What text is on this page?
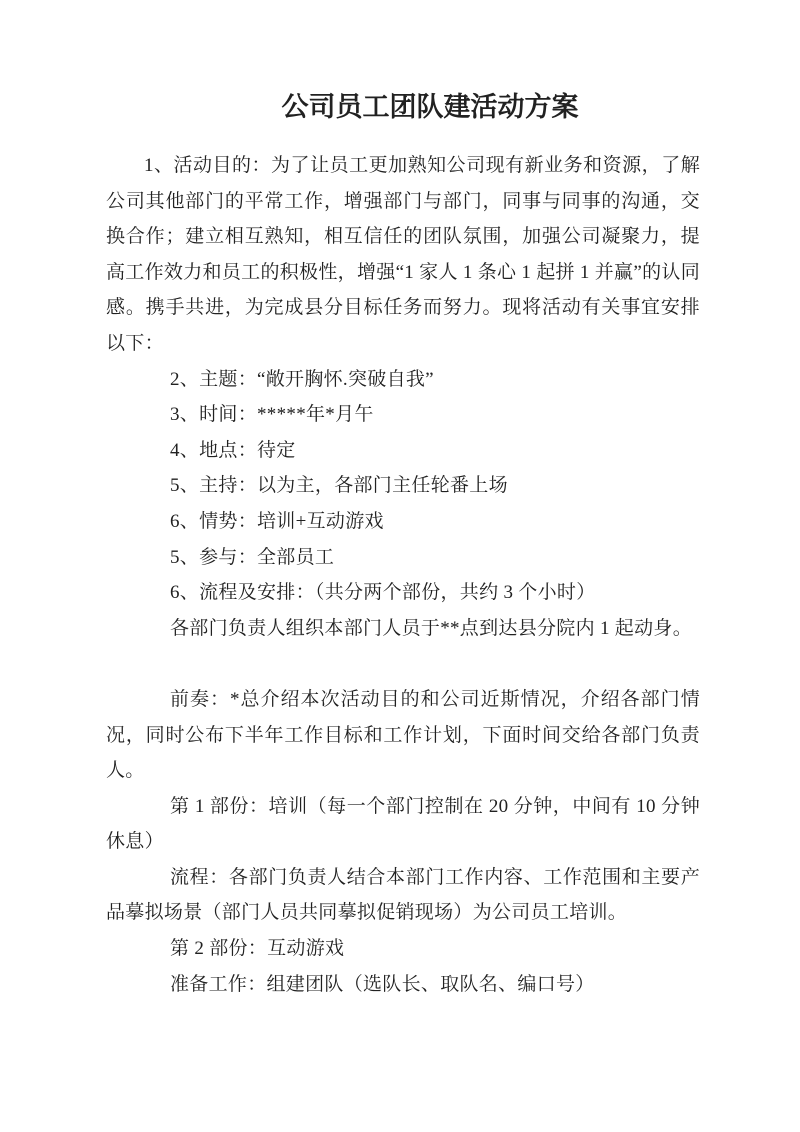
公司员工团队建活动方案

1、活动目的：为了让员工更加熟知公司现有新业务和资源，了解公司其他部门的平常工作，增强部门与部门，同事与同事的沟通，交换合作；建立相互熟知，相互信任的团队氛围，加强公司凝聚力，提高工作效力和员工的积极性，增强“1 家人 1 条心 1 起拼 1 并赢”的认同感。携手共进，为完成县分目标任务而努力。现将活动有关事宜安排以下：

2、主题：“敞开胸怀.突破自我”

3、时间：*****年*月午

4、地点：待定

5、主持：以为主，各部门主任轮番上场

6、情势：培训+互动游戏

5、参与：全部员工

6、流程及安排：（共分两个部份，共约 3 个小时）

各部门负责人组织本部门人员于**点到达县分院内 1 起动身。

前奏：*总介绍本次活动目的和公司近斯情况，介绍各部门情况，同时公布下半年工作目标和工作计划，下面时间交给各部门负责人。

第 1 部份：培训（每一个部门控制在 20 分钟，中间有 10 分钟休息）

流程：各部门负责人结合本部门工作内容、工作范围和主要产品摹拟场景（部门人员共同摹拟促销现场）为公司员工培训。

第 2 部份：互动游戏

准备工作：组建团队（选队长、取队名、编口号）
